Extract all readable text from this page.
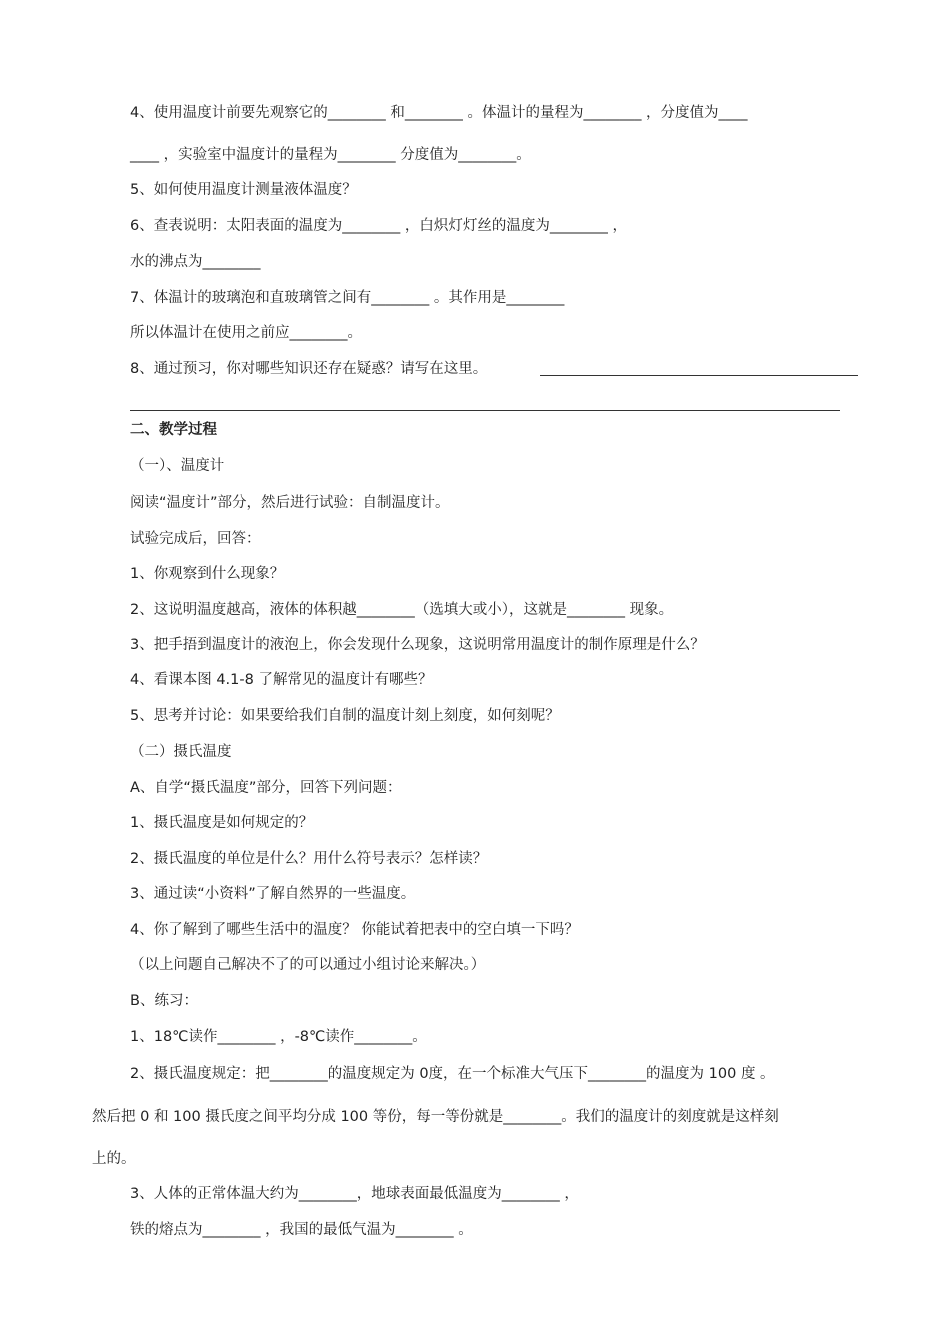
4、使用温度计前要先观察它的________ 和________ 。体温计的量程为________ ，分度值为____
____ ，实验室中温度计的量程为________ 分度值为________。
5、如何使用温度计测量液体温度？
6、查表说明：太阳表面的温度为________ ，白炽灯灯丝的温度为________ ，
水的沸点为________
7、体温计的玻璃泡和直玻璃管之间有________ 。其作用是________
所以体温计在使用之前应________。
8、通过预习，你对哪些知识还存在疑惑？请写在这里。
二、教学过程
（一）、温度计
阅读“温度计”部分，然后进行试验：自制温度计。
试验完成后，回答：
1、你观察到什么现象？
2、这说明温度越高，液体的体积越________（选填大或小），这就是________ 现象。
3、把手捂到温度计的液泡上，你会发现什么现象，这说明常用温度计的制作原理是什么？
4、看课本图 4.1-8 了解常见的温度计有哪些？
5、思考并讨论：如果要给我们自制的温度计刻上刻度，如何刻呢？
（二）摄氏温度
A、自学“摄氏温度”部分，回答下列问题：
1、摄氏温度是如何规定的？
2、摄氏温度的单位是什么？用什么符号表示？怎样读？
3、通过读“小资料”了解自然界的一些温度。
4、你了解到了哪些生活中的温度？ 你能试着把表中的空白填一下吗？
（以上问题自己解决不了的可以通过小组讨论来解决。）
B、练习：
1、18℃读作________ ，-8℃读作________。
2、摄氏温度规定：把________的温度规定为 0度，在一个标准大气压下________的温度为 100 度 。
然后把 0 和 100 摄氏度之间平均分成 100 等份，每一等份就是________。我们的温度计的刻度就是这样刻
上的。
3、人体的正常体温大约为________，地球表面最低温度为________ ，
铁的熔点为________ ，我国的最低气温为________ 。
